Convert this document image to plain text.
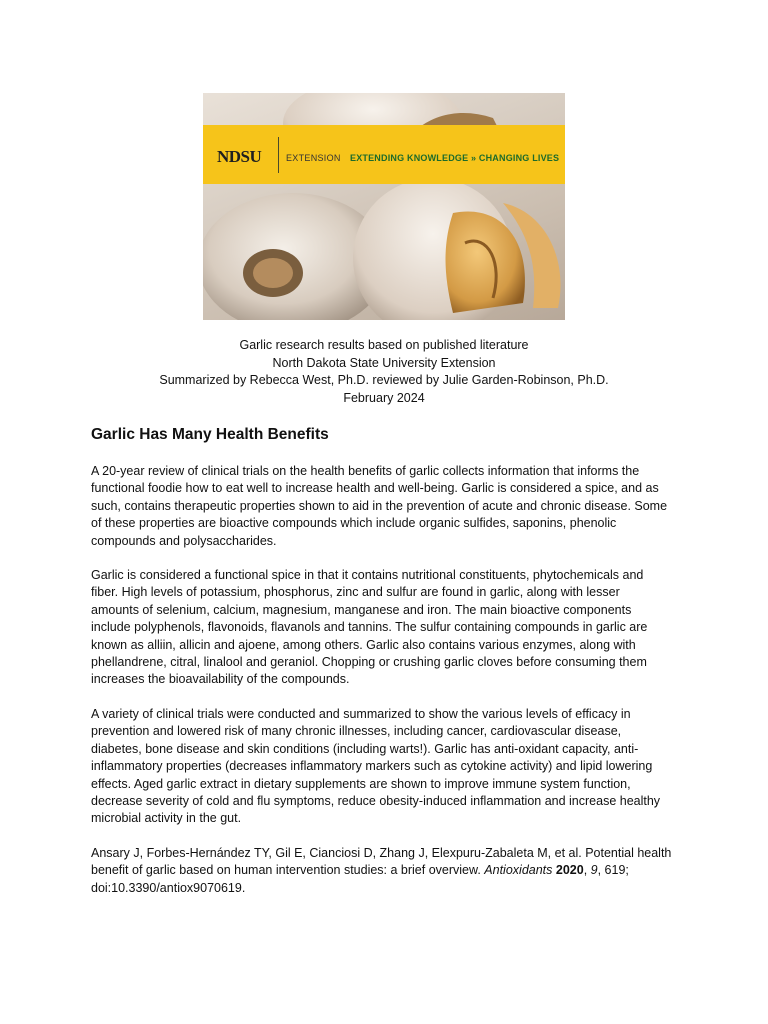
NDSU	EXTENSION EXTENDING KNOWLEDGE » CHANGING LIVES
Garlic research results based on published literature
North Dakota State University Extension
Summarized by Rebecca West, Ph.D. reviewed by Julie Garden-Robinson, Ph.D.
February 2024
Garlic Has Many Health Benefits

A 20-year review of clinical trials on the health benefits of garlic collects information that informs the
functional foodie how to eat well to increase health and well-being. Garlic is considered a spice, and as
such, contains therapeutic properties shown to aid in the prevention of acute and chronic disease. Some
of these properties are bioactive compounds which include organic sulfides, saponins, phenolic
compounds and polysaccharides.

Garlic is considered a functional spice in that it contains nutritional constituents, phytochemicals and
fiber. High levels of potassium, phosphorus, zinc and sulfur are found in garlic, along with lesser
amounts of selenium, calcium, magnesium, manganese and iron. The main bioactive components
include polyphenols, flavonoids, flavanols and tannins. The sulfur containing compounds in garlic are
known as alliin, allicin and ajoene, among others. Garlic also contains various enzymes, along with
phellandrene, citral, linalool and geraniol. Chopping or crushing garlic cloves before consuming them
increases the bioavailability of the compounds.

A variety of clinical trials were conducted and summarized to show the various levels of efficacy in
prevention and lowered risk of many chronic illnesses, including cancer, cardiovascular disease,
diabetes, bone disease and skin conditions (including warts!). Garlic has anti-oxidant capacity, anti-
inflammatory properties (decreases inflammatory markers such as cytokine activity) and lipid lowering
effects. Aged garlic extract in dietary supplements are shown to improve immune system function,
decrease severity of cold and flu symptoms, reduce obesity-induced inflammation and increase healthy
microbial activity in the gut.

Ansary J, Forbes-Hernández TY, Gil E, Cianciosi D, Zhang J, Elexpuru-Zabaleta M, et al. Potential health
benefit of garlic based on human intervention studies: a brief overview. Antioxidants 2020, 9, 619;
doi:10.3390/antiox9070619.
